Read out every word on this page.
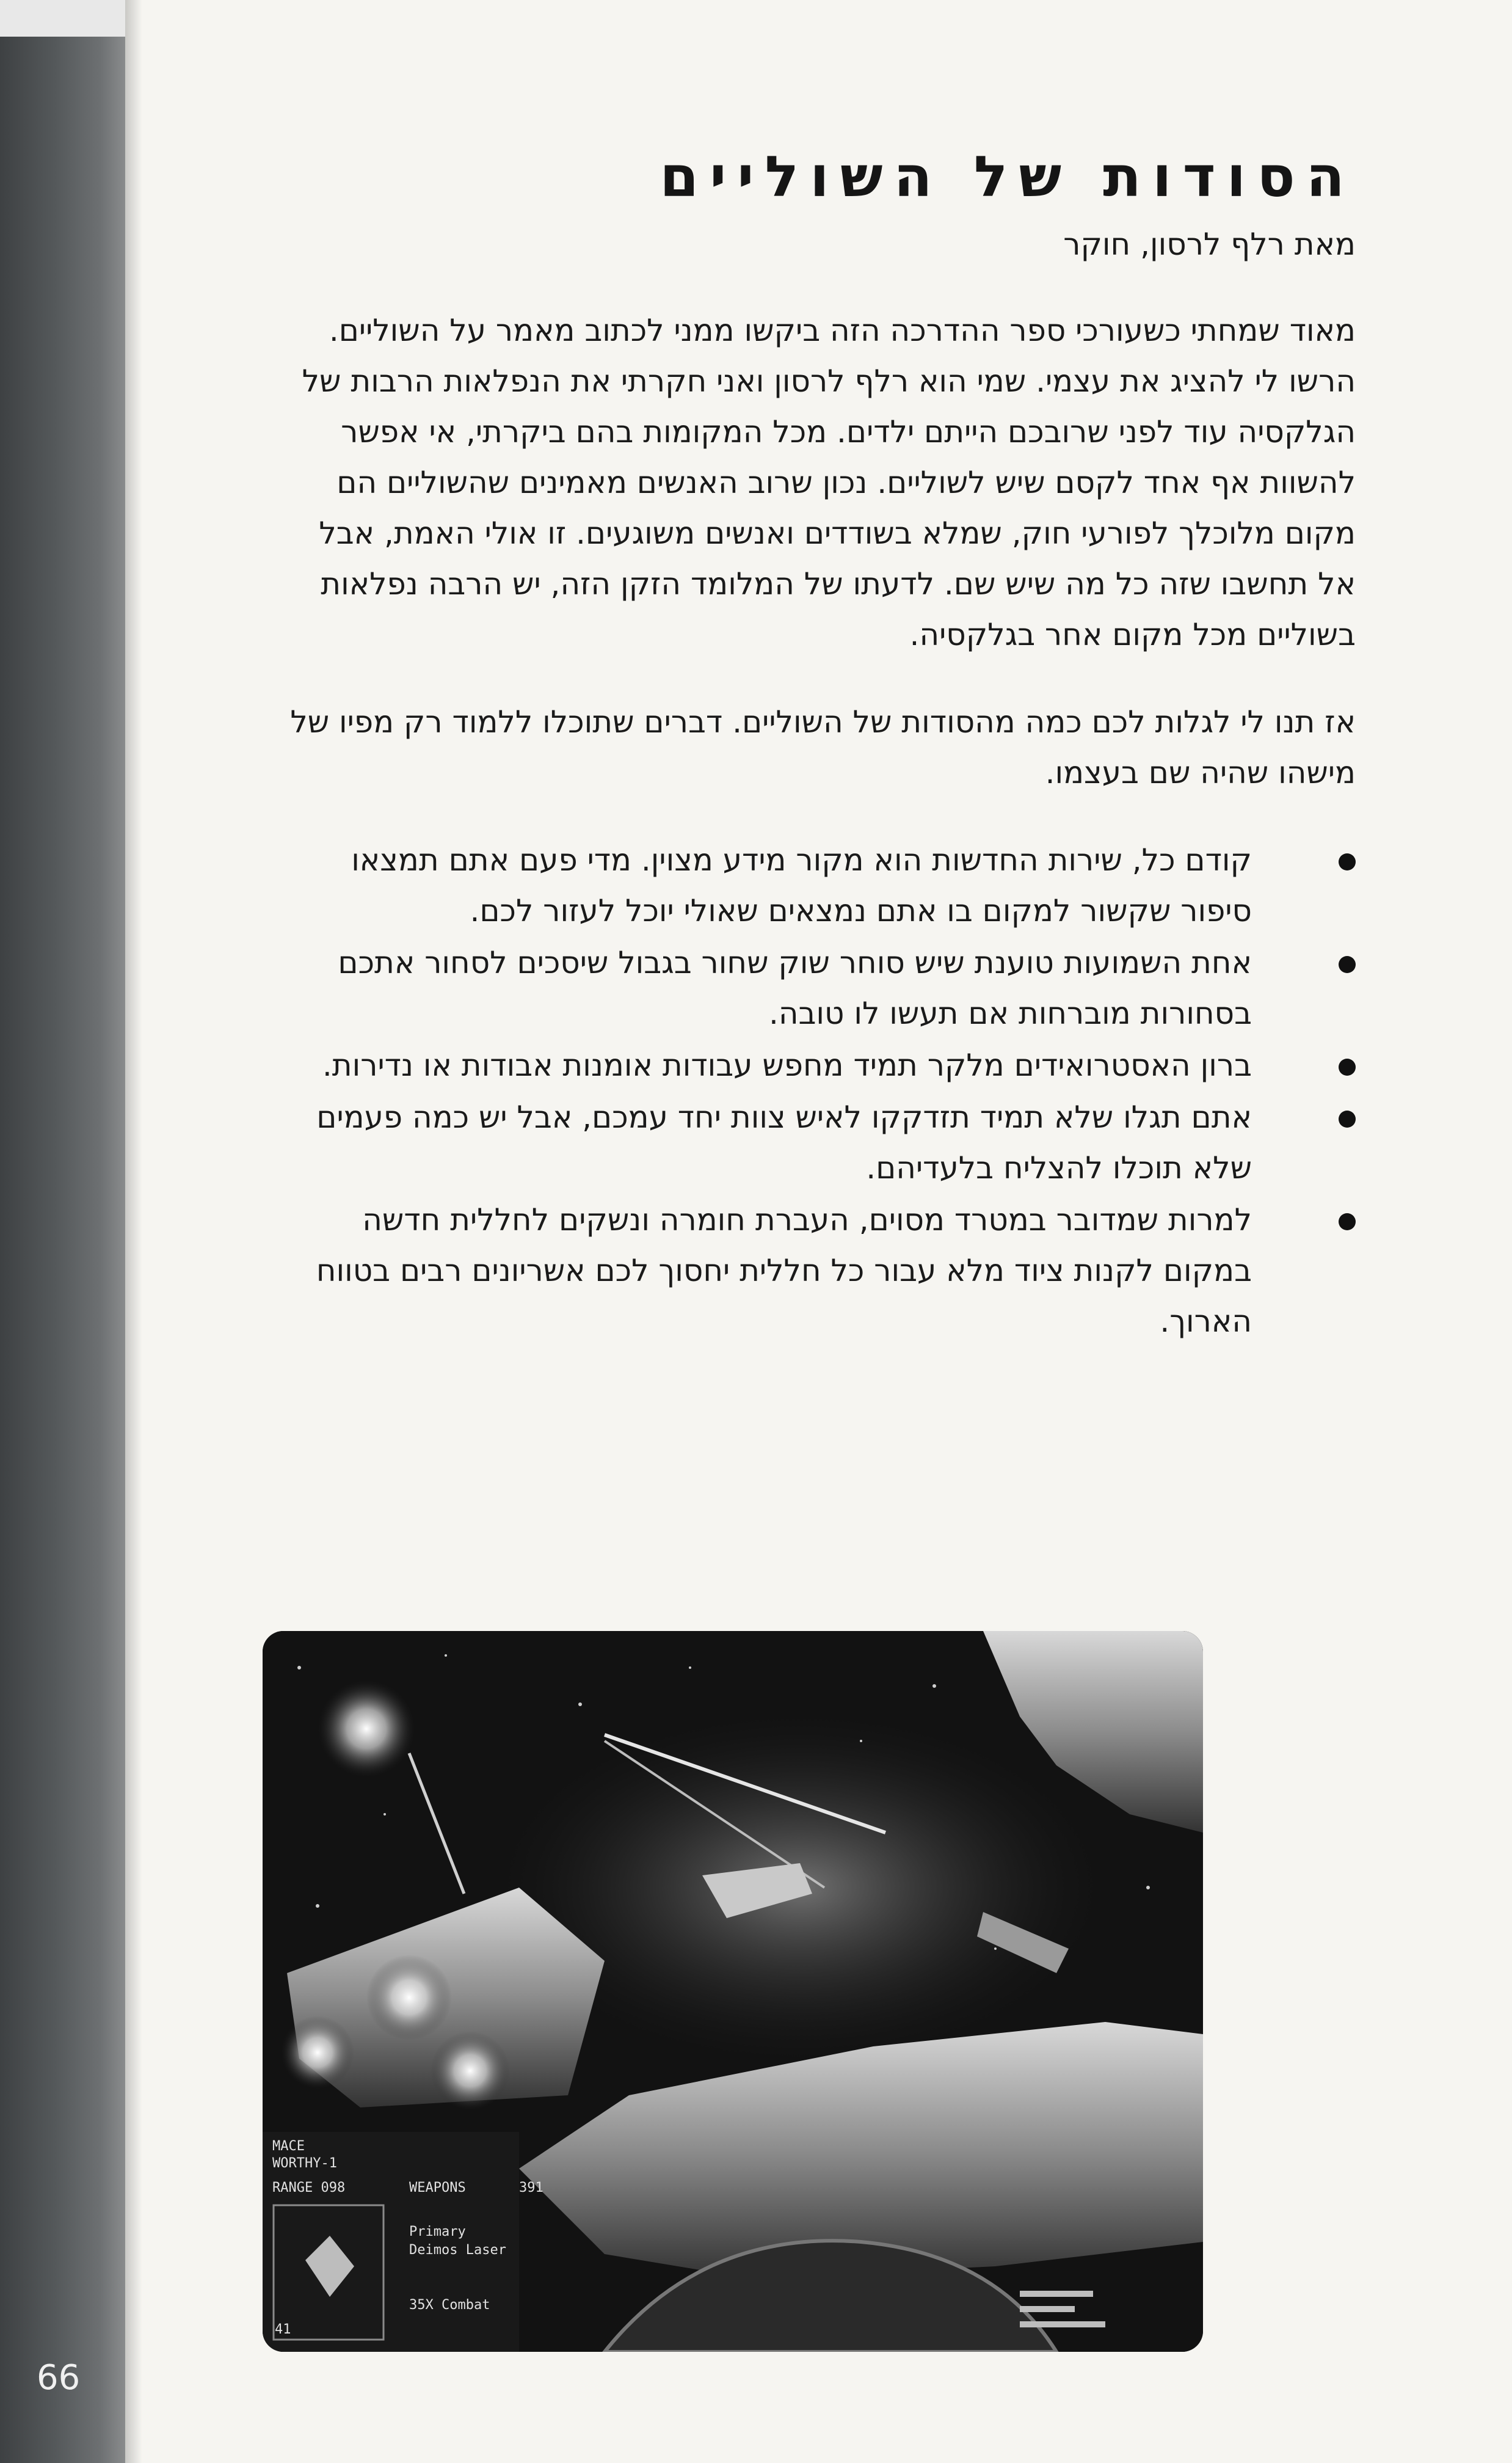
66
הסודות של השוליים

מאת רלף לרסון, חוקר

מאוד שמחתי כשעורכי ספר ההדרכה הזה ביקשו ממני לכתוב מאמר על השוליים. הרשו לי להציג את עצמי. שמי הוא רלף לרסון ואני חקרתי את הנפלאות הרבות של הגלקסיה עוד לפני שרובכם הייתם ילדים. מכל המקומות בהם ביקרתי, אי אפשר להשוות אף אחד לקסם שיש לשוליים. נכון שרוב האנשים מאמינים שהשוליים הם מקום מלוכלך לפורעי חוק, שמלא בשודדים ואנשים משוגעים. זו אולי האמת, אבל אל תחשבו שזה כל מה שיש שם. לדעתו של המלומד הזקן הזה, יש הרבה נפלאות בשוליים מכל מקום אחר בגלקסיה.

אז תנו לי לגלות לכם כמה מהסודות של השוליים. דברים שתוכלו ללמוד רק מפיו של מישהו שהיה שם בעצמו.

קודם כל, שירות החדשות הוא מקור מידע מצוין. מדי פעם אתם תמצאו סיפור שקשור למקום בו אתם נמצאים שאולי יוכל לעזור לכם.
אחת השמועות טוענת שיש סוחר שוק שחור בגבול שיסכים לסחור אתכם בסחורות מוברחות אם תעשו לו טובה.
ברון האסטרואידים מלקר תמיד מחפש עבודות אומנות אבודות או נדירות.
אתם תגלו שלא תמיד תזדקקו לאיש צוות יחד עמכם, אבל יש כמה פעמים שלא תוכלו להצליח בלעדיהם.
למרות שמדובר במטרד מסוים, העברת חומרה ונשקים לחללית חדשה במקום לקנות ציוד מלא עבור כל חללית יחסוך לכם אשריונים רבים בטווח הארוך.
MACE
WORTHY-1
RANGE 098	WEAPONS	391
Primary
Deimos Laser
35X Combat
41
